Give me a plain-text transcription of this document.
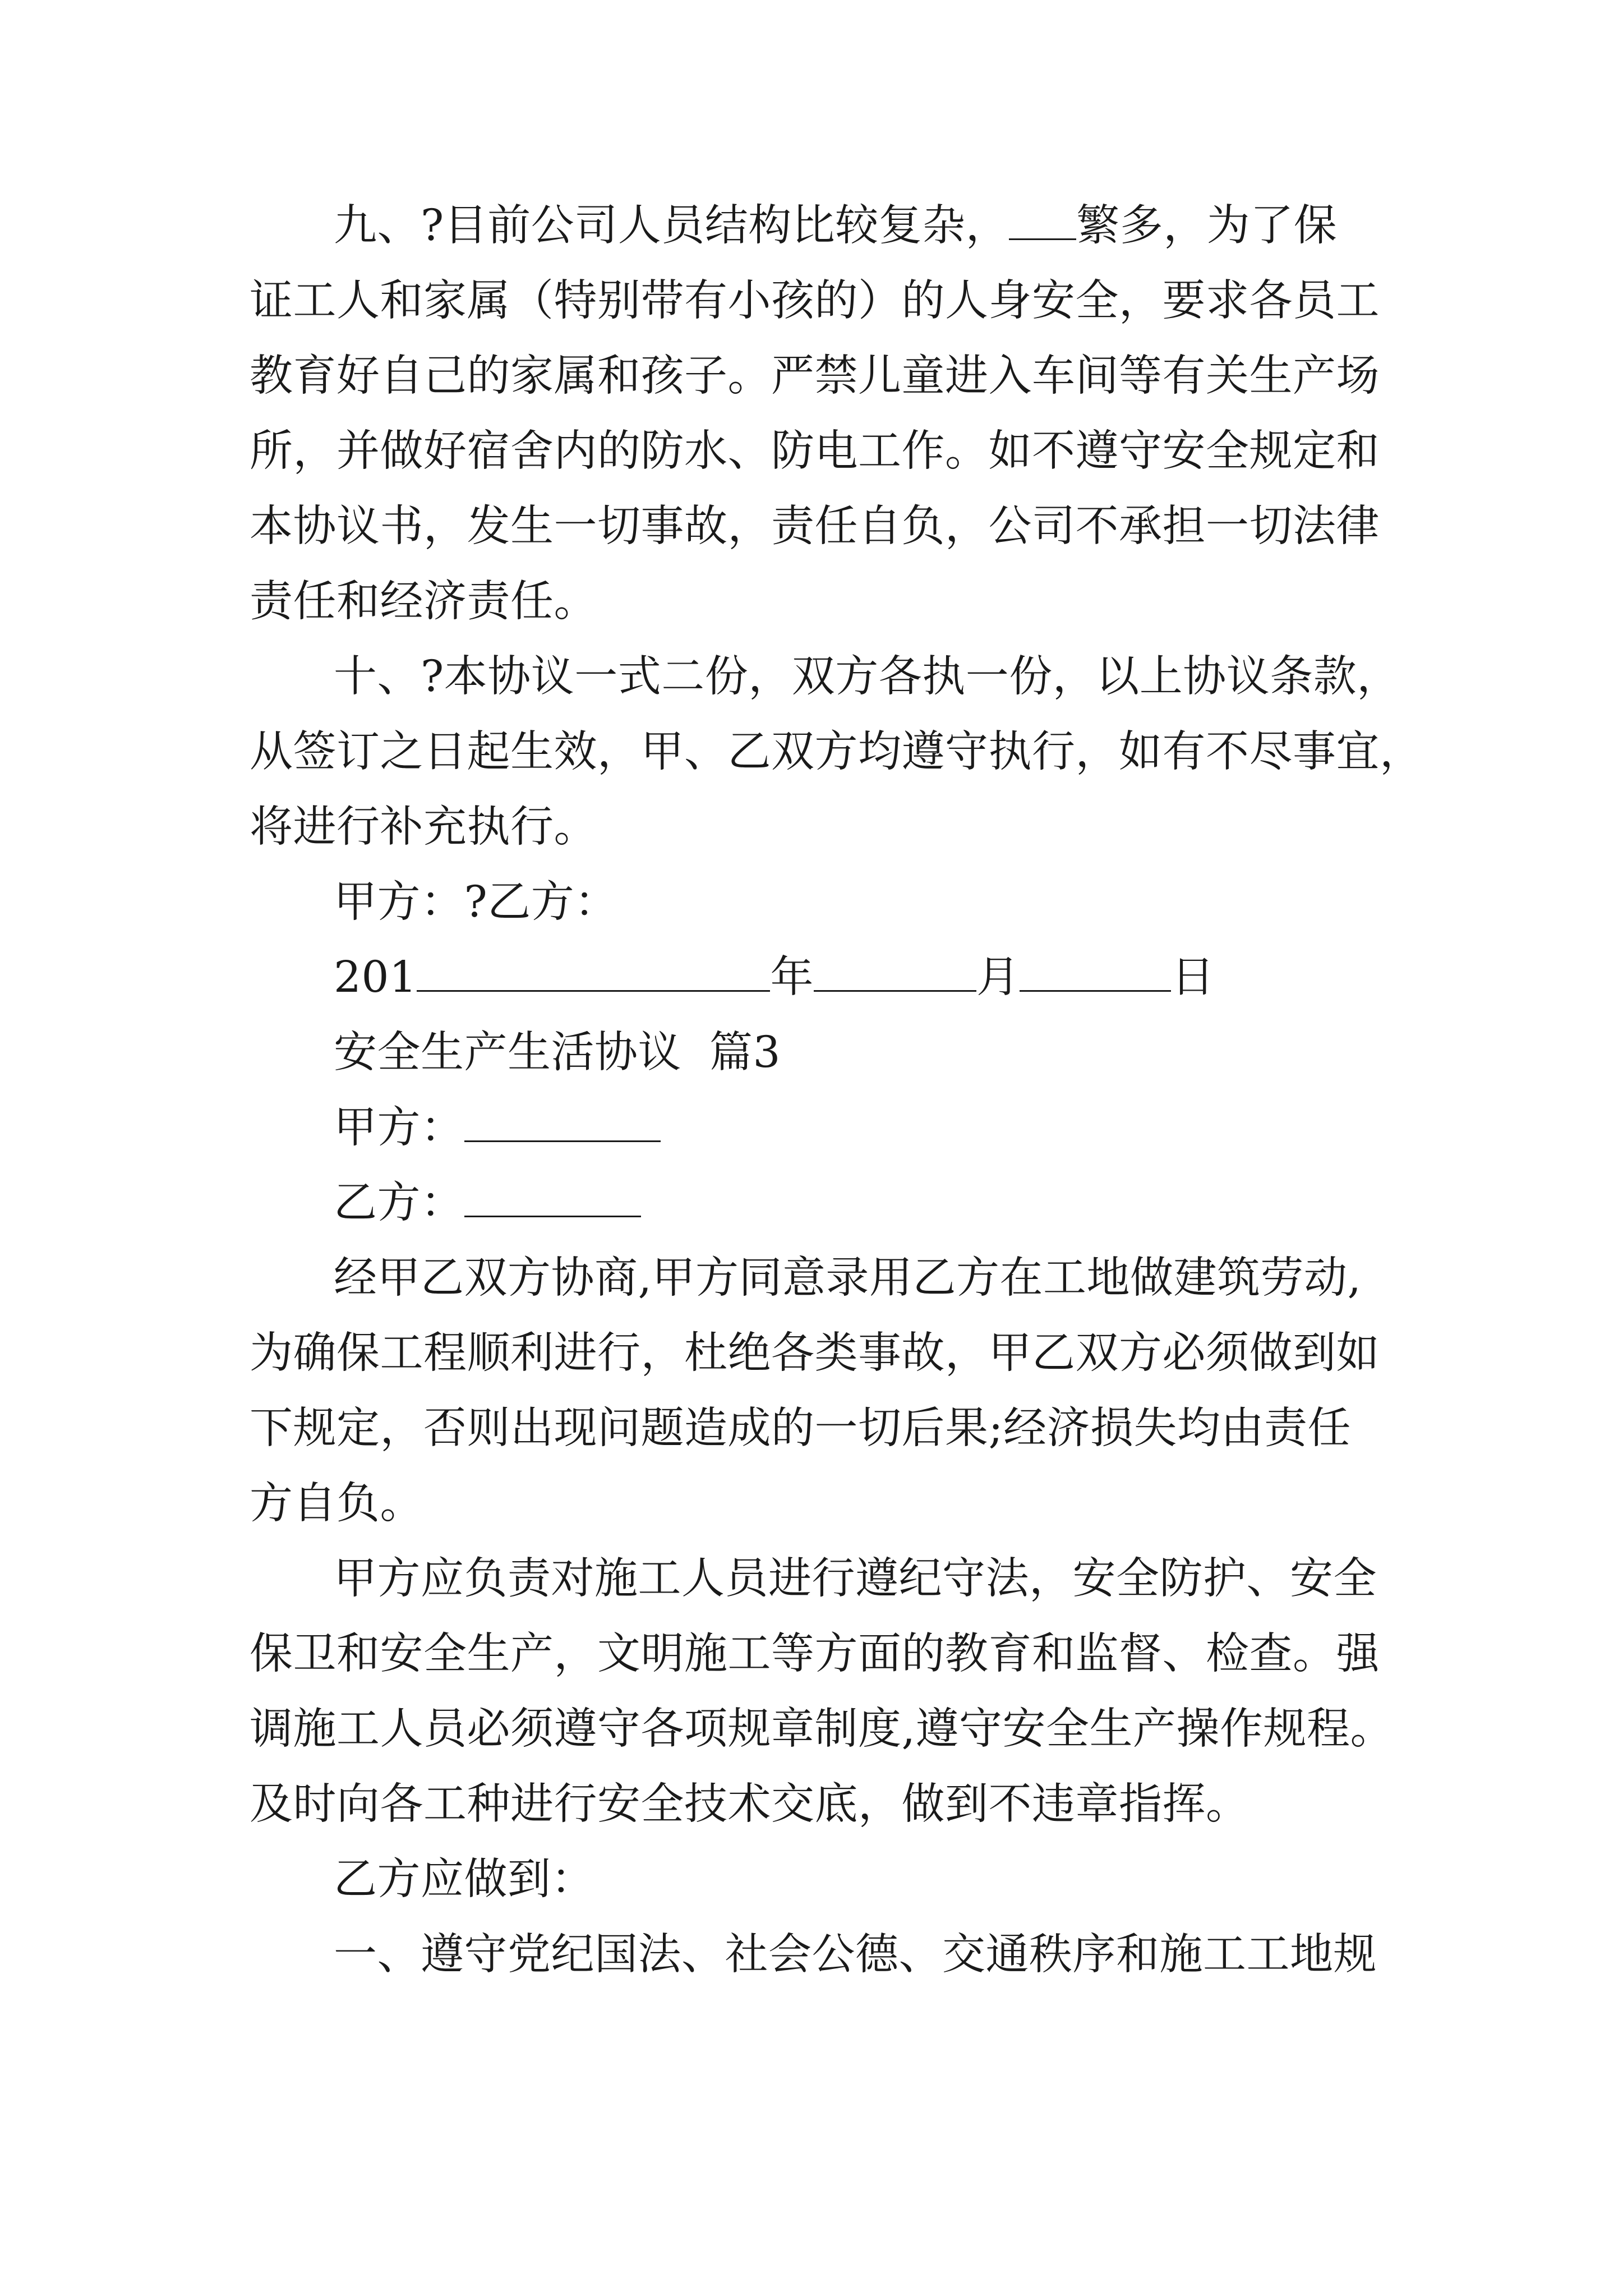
九、?目前公司人员结构比较复杂， 繁多，为了保
证工人和家属（特别带有小孩的）的人身安全，要求各员工
教育好自己的家属和孩子。严禁儿童进入车间等有关生产场
所，并做好宿舍内的防水、防电工作。如不遵守安全规定和
本协议书，发生一切事故，责任自负，公司不承担一切法律
责任和经济责任。
十、?本协议一式二份，双方各执一份，以上协议条款，
从签订之日起生效，甲、乙双方均遵守执行，如有不尽事宜，
将进行补充执行。
甲方：?乙方：
201	年	月	日
安全生产生活协议  篇3
甲方：
乙方：
经甲乙双方协商,甲方同意录用乙方在工地做建筑劳动,
为确保工程顺利进行，杜绝各类事故，甲乙双方必须做到如
下规定，否则出现问题造成的一切后果;经济损失均由责任
方自负。
甲方应负责对施工人员进行遵纪守法，安全防护、安全
保卫和安全生产，文明施工等方面的教育和监督、检查。强
调施工人员必须遵守各项规章制度,遵守安全生产操作规程。
及时向各工种进行安全技术交底，做到不违章指挥。
乙方应做到：
一、遵守党纪国法、社会公德、交通秩序和施工工地规
